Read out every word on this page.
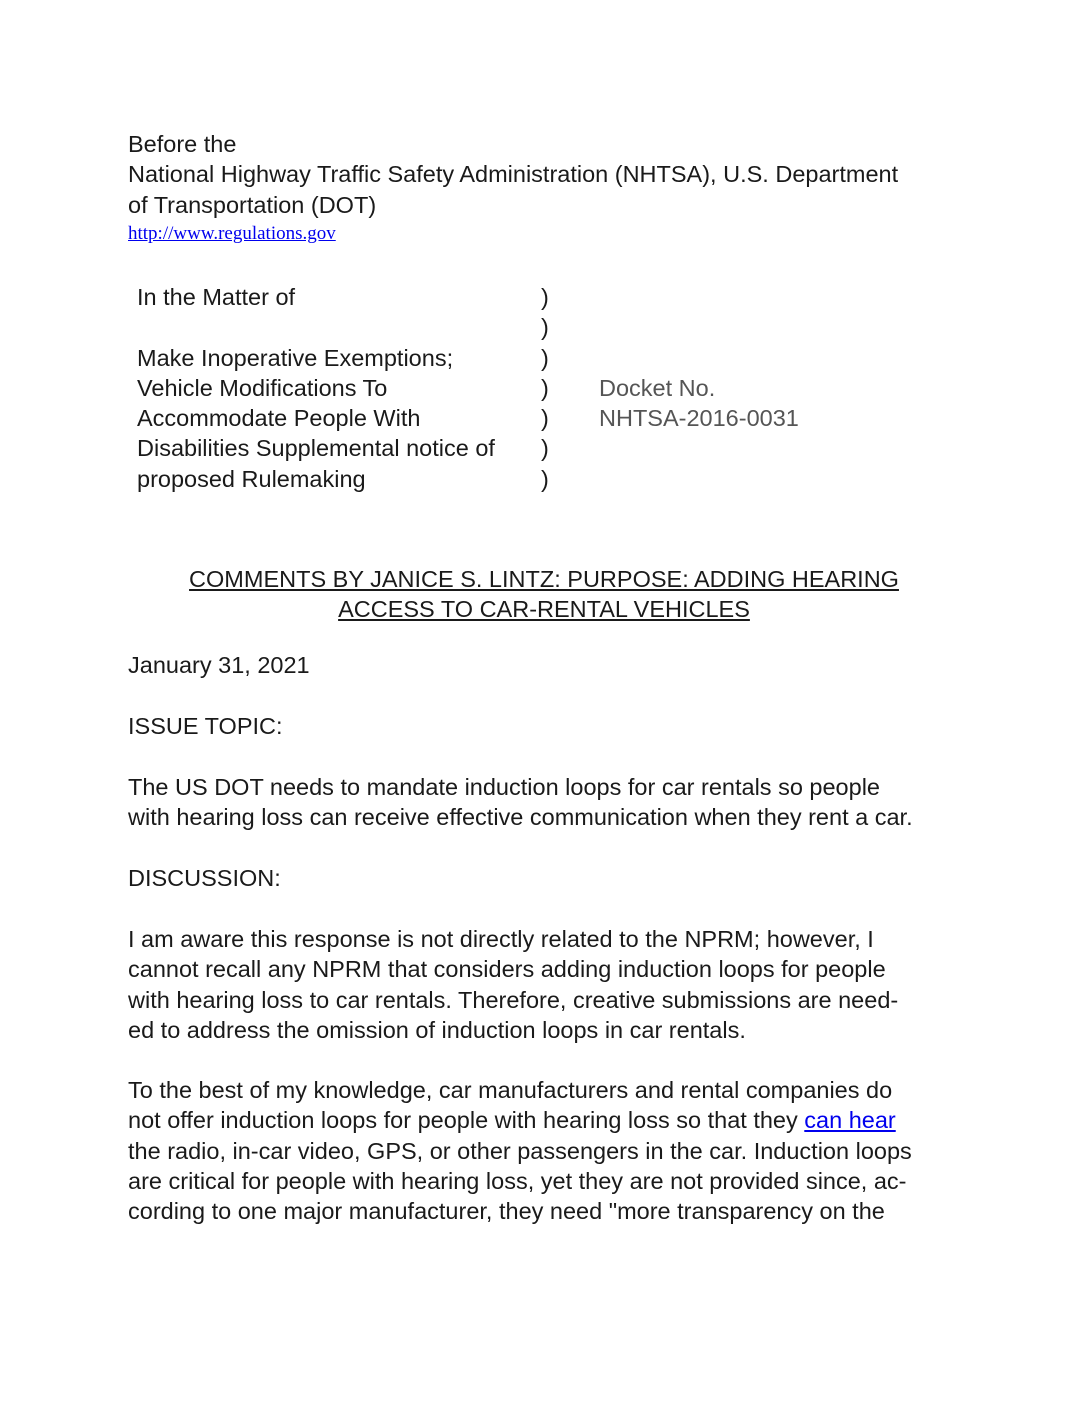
Before the
National Highway Traffic Safety Administration (NHTSA), U.S. Department
of Transportation (DOT)
http://www.regulations.gov
In the Matter of
Make Inoperative Exemptions;
Vehicle Modifications To
Accommodate People With
Disabilities Supplemental notice of
proposed Rulemaking
)
)
)
)
)
)
)
Docket No.
NHTSA-2016-0031
COMMENTS BY JANICE S. LINTZ: PURPOSE: ADDING HEARING
ACCESS TO CAR-RENTAL VEHICLES
January 31, 2021
ISSUE TOPIC:
The US DOT needs to mandate induction loops for car rentals so people
with hearing loss can receive effective communication when they rent a car.
DISCUSSION:
I am aware this response is not directly related to the NPRM; however, I
cannot recall any NPRM that considers adding induction loops for people
with hearing loss to car rentals. Therefore, creative submissions are need-
ed to address the omission of induction loops in car rentals.
To the best of my knowledge, car manufacturers and rental companies do
not offer induction loops for people with hearing loss so that they can hear
the radio, in-car video, GPS, or other passengers in the car. Induction loops
are critical for people with hearing loss, yet they are not provided since, ac-
cording to one major manufacturer, they need "more transparency on the
